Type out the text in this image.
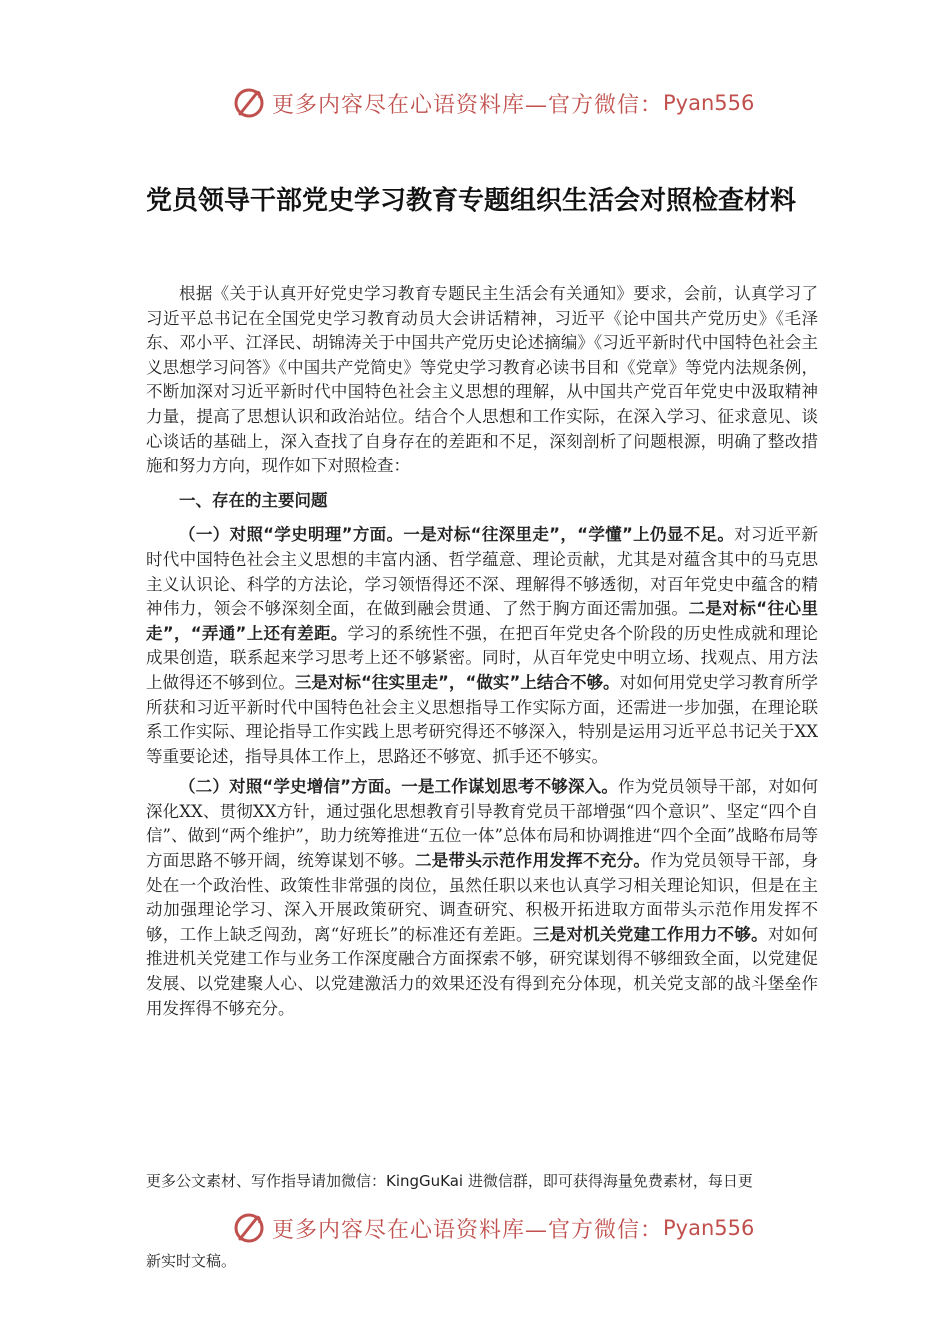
更多内容尽在心语资料库—官方微信： Pyan556
党员领导干部党史学习教育专题组织生活会对照检查材料

根据《关于认真开好党史学习教育专题民主生活会有关通知》要求，会前，认真学习了习近平总书记在全国党史学习教育动员大会讲话精神，习近平《论中国共产党历史》《毛泽东、邓小平、江泽民、胡锦涛关于中国共产党历史论述摘编》《习近平新时代中国特色社会主义思想学习问答》《中国共产党简史》等党史学习教育必读书目和《党章》等党内法规条例，不断加深对习近平新时代中国特色社会主义思想的理解，从中国共产党百年党史中汲取精神力量，提高了思想认识和政治站位。结合个人思想和工作实际，在深入学习、征求意见、谈心谈话的基础上，深入查找了自身存在的差距和不足，深刻剖析了问题根源，明确了整改措施和努力方向，现作如下对照检查：

一、存在的主要问题

（一）对照“学史明理”方面。一是对标“往深里走”，“学懂”上仍显不足。对习近平新时代中国特色社会主义思想的丰富内涵、哲学蕴意、理论贡献，尤其是对蕴含其中的马克思主义认识论、科学的方法论，学习领悟得还不深、理解得不够透彻，对百年党史中蕴含的精神伟力，领会不够深刻全面，在做到融会贯通、了然于胸方面还需加强。二是对标“往心里走”，“弄通”上还有差距。学习的系统性不强，在把百年党史各个阶段的历史性成就和理论成果创造，联系起来学习思考上还不够紧密。同时，从百年党史中明立场、找观点、用方法上做得还不够到位。三是对标“往实里走”，“做实”上结合不够。对如何用党史学习教育所学所获和习近平新时代中国特色社会主义思想指导工作实际方面，还需进一步加强，在理论联系工作实际、理论指导工作实践上思考研究得还不够深入，特别是运用习近平总书记关于XX等重要论述，指导具体工作上，思路还不够宽、抓手还不够实。

（二）对照“学史增信”方面。一是工作谋划思考不够深入。作为党员领导干部，对如何深化XX、贯彻XX方针，通过强化思想教育引导教育党员干部增强“四个意识”、坚定“四个自信”、做到“两个维护”，助力统筹推进“五位一体”总体布局和协调推进“四个全面”战略布局等方面思路不够开阔，统筹谋划不够。二是带头示范作用发挥不充分。作为党员领导干部，身处在一个政治性、政策性非常强的岗位，虽然任职以来也认真学习相关理论知识，但是在主动加强理论学习、深入开展政策研究、调查研究、积极开拓进取方面带头示范作用发挥不够，工作上缺乏闯劲，离“好班长”的标准还有差距。三是对机关党建工作用力不够。对如何推进机关党建工作与业务工作深度融合方面探索不够，研究谋划得不够细致全面，以党建促发展、以党建聚人心、以党建激活力的效果还没有得到充分体现，机关党支部的战斗堡垒作用发挥得不够充分。

更多公文素材、写作指导请加微信：KingGuKai 进微信群，即可获得海量免费素材，每日更
更多内容尽在心语资料库—官方微信： Pyan556
新实时文稿。
